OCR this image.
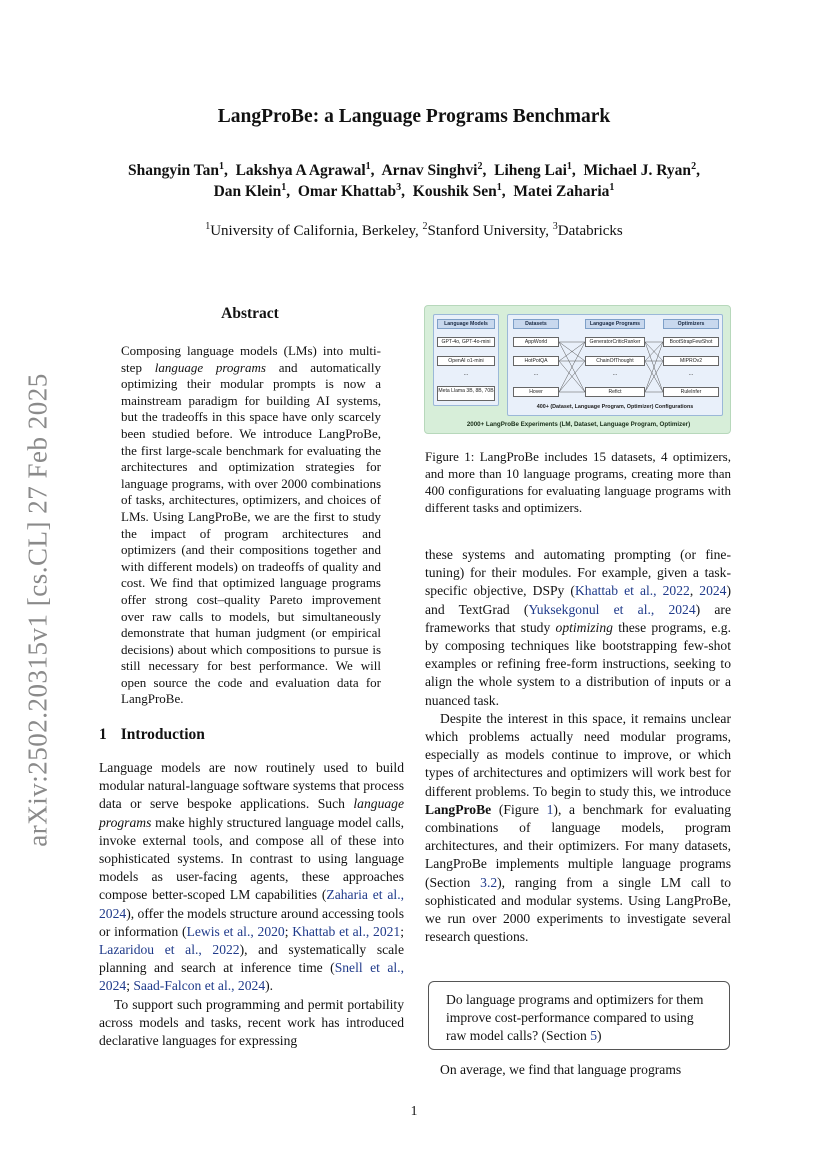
arXiv:2502.20315v1 [cs.CL] 27 Feb 2025
LangProBe: a Language Programs Benchmark
Shangyin Tan$^1$,  Lakshya A Agrawal$^1$,  Arnav Singhvi$^2$,  Liheng Lai$^1$,  Michael J. Ryan$^2$,
Dan Klein$^1$,  Omar Khattab$^3$,  Koushik Sen$^1$,  Matei Zaharia$^1$
$^1$University of California, Berkeley, $^2$Stanford University, $^3$Databricks
Abstract
Composing language models (LMs) into multi-step language programs and automatically optimizing their modular prompts is now a mainstream paradigm for building AI systems, but the tradeoffs in this space have only scarcely been studied before. We introduce LangProBe, the first large-scale benchmark for evaluating the architectures and optimization strategies for language programs, with over 2000 combinations of tasks, architectures, optimizers, and choices of LMs. Using LangProBe, we are the first to study the impact of program architectures and optimizers (and their compositions together and with different models) on tradeoffs of quality and cost. We find that optimized language programs offer strong cost–quality Pareto improvement over raw calls to models, but simultaneously demonstrate that human judgment (or empirical decisions) about which compositions to pursue is still necessary for best performance. We will open source the code and evaluation data for LangProBe.
Language Models	Datasets	Language Programs	Optimizers
GPT-4o, GPT-4o-mini
OpenAI o1-mini
...
Meta Llama 3B, 8B, 70B
AppWorld
HotPotQA
...
Hover
GeneratorCriticRanker
ChainOfThought
...
Refict
BootStrapFewShot
MIPROv2
...
RuleInfer
400+ (Dataset, Language Program, Optimizer) Configurations
2000+ LangProBe Experiments (LM, Dataset, Language Program, Optimizer)
Figure 1: LangProBe includes 15 datasets, 4 optimizers, and more than 10 language programs, creating more than 400 configurations for evaluating language programs with different tasks and optimizers.
1 Introduction

Language models are now routinely used to build modular natural-language software systems that process data or serve bespoke applications. Such language programs make highly structured language model calls, invoke external tools, and compose all of these into sophisticated systems. In contrast to using language models as user-facing agents, these approaches compose better-scoped LM capabilities (Zaharia et al., 2024), offer the models structure around accessing tools or information (Lewis et al., 2020; Khattab et al., 2021; Lazaridou et al., 2022), and systematically scale planning and search at inference time (Snell et al., 2024; Saad-Falcon et al., 2024).

To support such programming and permit portability across models and tasks, recent work has introduced declarative languages for expressing

these systems and automating prompting (or fine-tuning) for their modules. For example, given a task-specific objective, DSPy (Khattab et al., 2022, 2024) and TextGrad (Yuksekgonul et al., 2024) are frameworks that study optimizing these programs, e.g. by composing techniques like bootstrapping few-shot examples or refining free-form instructions, seeking to align the whole system to a distribution of inputs or a nuanced task.

Despite the interest in this space, it remains unclear which problems actually need modular programs, especially as models continue to improve, or which types of architectures and optimizers will work best for different problems. To begin to study this, we introduce LangProBe (Figure 1), a benchmark for evaluating combinations of language models, program architectures, and their optimizers. For many datasets, LangProBe implements multiple language programs (Section 3.2), ranging from a single LM call to sophisticated and modular systems. Using LangProBe, we run over 2000 experiments to investigate several research questions.

Do language programs and optimizers for them improve cost-performance compared to using raw model calls? (Section 5)

On average, we find that language programs

1
